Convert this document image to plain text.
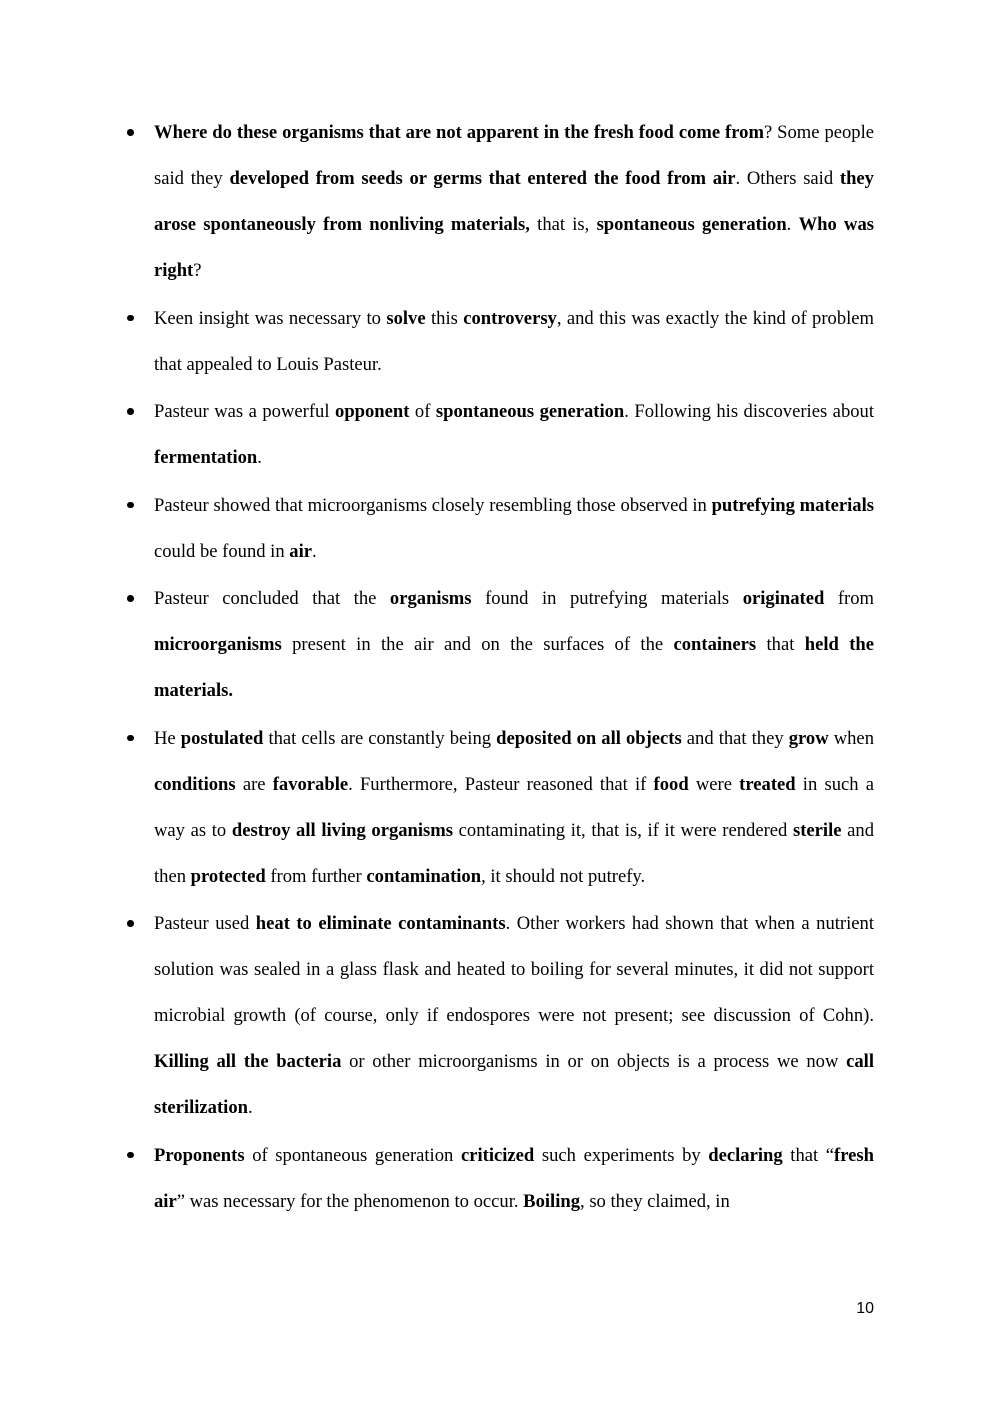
Where do these organisms that are not apparent in the fresh food come from? Some people said they developed from seeds or germs that entered the food from air. Others said they arose spontaneously from nonliving materials, that is, spontaneous generation. Who was right?
Keen insight was necessary to solve this controversy, and this was exactly the kind of problem that appealed to Louis Pasteur.
Pasteur was a powerful opponent of spontaneous generation. Following his discoveries about fermentation.
Pasteur showed that microorganisms closely resembling those observed in putrefying materials could be found in air.
Pasteur concluded that the organisms found in putrefying materials originated from microorganisms present in the air and on the surfaces of the containers that held the materials.
He postulated that cells are constantly being deposited on all objects and that they grow when conditions are favorable. Furthermore, Pasteur reasoned that if food were treated in such a way as to destroy all living organisms contaminating it, that is, if it were rendered sterile and then protected from further contamination, it should not putrefy.
Pasteur used heat to eliminate contaminants. Other workers had shown that when a nutrient solution was sealed in a glass flask and heated to boiling for several minutes, it did not support microbial growth (of course, only if endospores were not present; see discussion of Cohn). Killing all the bacteria or other microorganisms in or on objects is a process we now call sterilization.
Proponents of spontaneous generation criticized such experiments by declaring that “fresh air” was necessary for the phenomenon to occur. Boiling, so they claimed, in
10
